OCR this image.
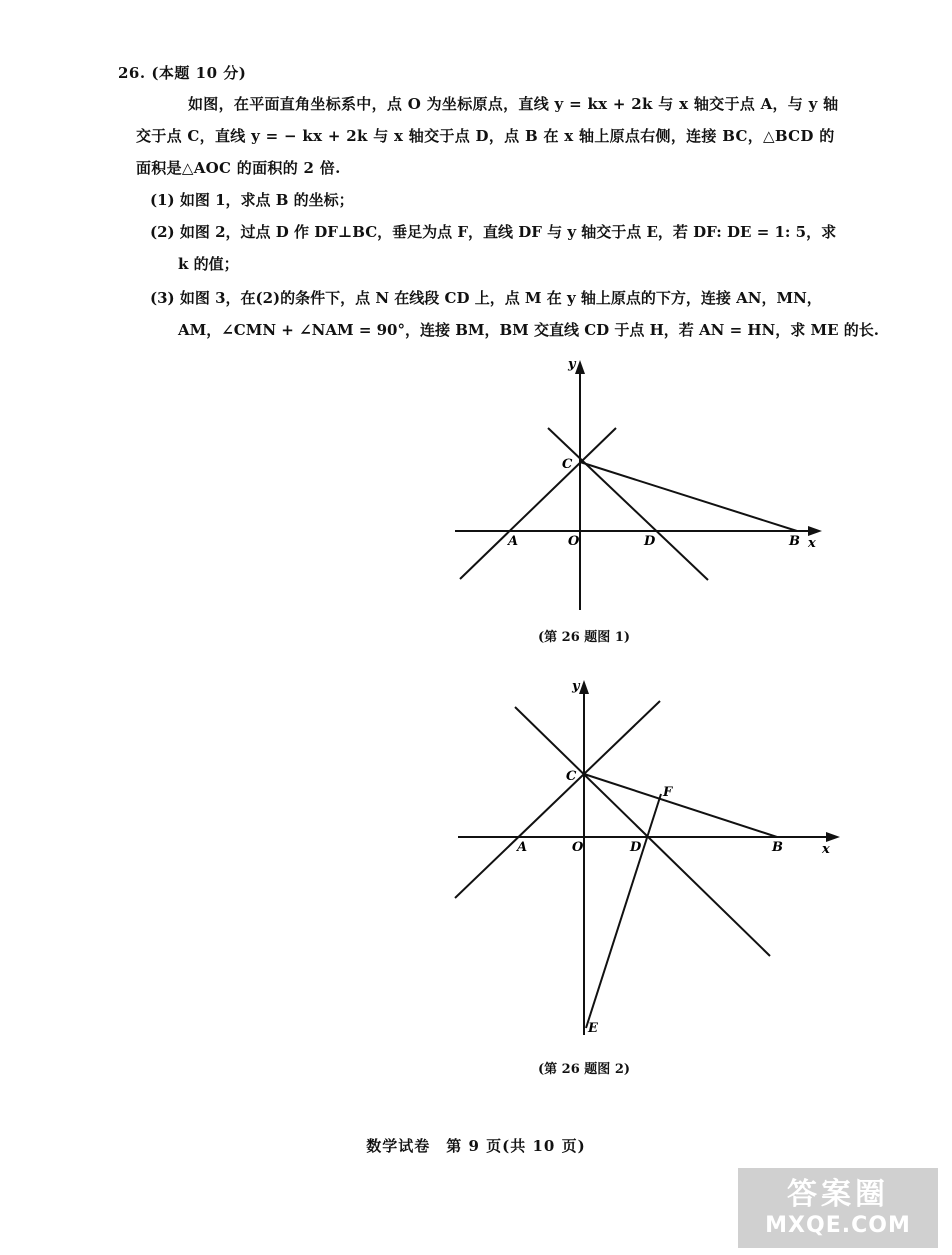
26. (本题 10 分)
如图，在平面直角坐标系中，点 O 为坐标原点，直线 y = kx + 2k 与 x 轴交于点 A，与 y 轴
交于点 C，直线 y = − kx + 2k 与 x 轴交于点 D，点 B 在 x 轴上原点右侧，连接 BC，△BCD 的
面积是△AOC 的面积的 2 倍.
(1) 如图 1，求点 B 的坐标；
(2) 如图 2，过点 D 作 DF⊥BC，垂足为点 F，直线 DF 与 y 轴交于点 E，若 DF: DE = 1: 5，求
k 的值；
(3) 如图 3，在(2)的条件下，点 N 在线段 CD 上，点 M 在 y 轴上原点的下方，连接 AN，MN，
AM，∠CMN + ∠NAM = 90°，连接 BM，BM 交直线 CD 于点 H，若 AN = HN，求 ME 的长.
y
C
A	O	D	B x
(第 26 题图 1)
y
C
F
A	O	D	B	x
E
(第 26 题图 2)
数学试卷　第 9 页(共 10 页)
答案圈
MXQE.COM
